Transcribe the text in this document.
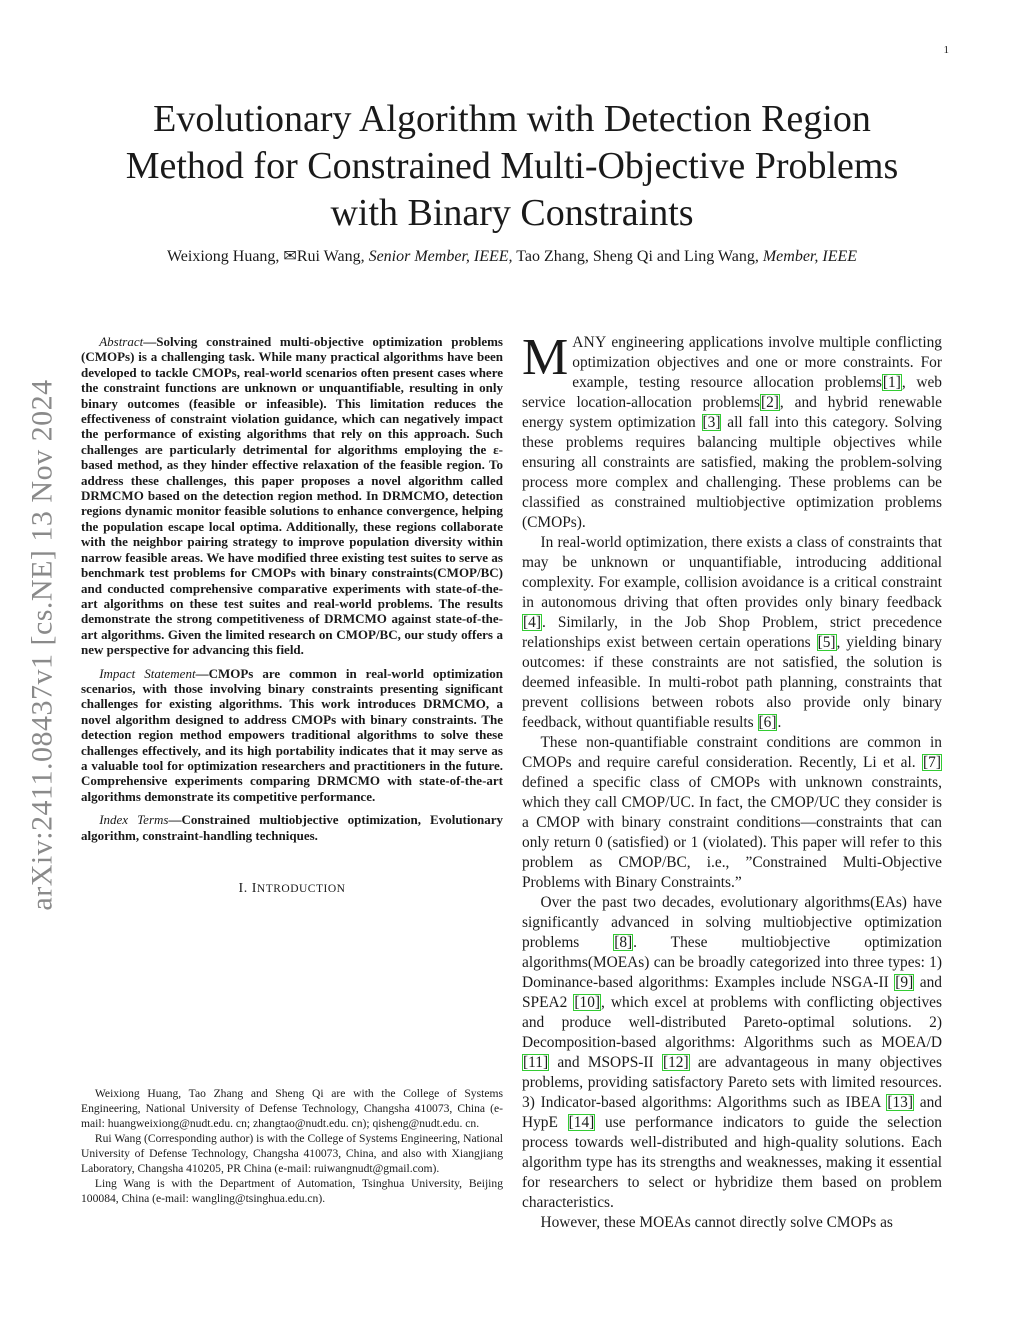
1
arXiv:2411.08437v1 [cs.NE] 13 Nov 2024
Evolutionary Algorithm with Detection Region
Method for Constrained Multi-Objective Problems
with Binary Constraints
Weixiong Huang, ✉Rui Wang, Senior Member, IEEE, Tao Zhang, Sheng Qi and Ling Wang, Member, IEEE

Abstract—Solving constrained multi-objective optimization problems (CMOPs) is a challenging task. While many practical algorithms have been developed to tackle CMOPs, real-world scenarios often present cases where the constraint functions are unknown or unquantifiable, resulting in only binary outcomes (feasible or infeasible). This limitation reduces the effectiveness of constraint violation guidance, which can negatively impact the performance of existing algorithms that rely on this approach. Such challenges are particularly detrimental for algorithms employing the ε-based method, as they hinder effective relaxation of the feasible region. To address these challenges, this paper proposes a novel algorithm called DRMCMO based on the detection region method. In DRMCMO, detection regions dynamic monitor feasible solutions to enhance convergence, helping the population escape local optima. Additionally, these regions collaborate with the neighbor pairing strategy to improve population diversity within narrow feasible areas. We have modified three existing test suites to serve as benchmark test problems for CMOPs with binary constraints(CMOP/BC) and conducted comprehensive comparative experiments with state-of-the-art algorithms on these test suites and real-world problems. The results demonstrate the strong competitiveness of DRMCMO against state-of-the-art algorithms. Given the limited research on CMOP/BC, our study offers a new perspective for advancing this field.

Impact Statement—CMOPs are common in real-world optimization scenarios, with those involving binary constraints presenting significant challenges for existing algorithms. This work introduces DRMCMO, a novel algorithm designed to address CMOPs with binary constraints. The detection region method empowers traditional algorithms to solve these challenges effectively, and its high portability indicates that it may serve as a valuable tool for optimization researchers and practitioners in the future. Comprehensive experiments comparing DRMCMO with state-of-the-art algorithms demonstrate its competitive performance.

Index Terms—Constrained multiobjective optimization, Evolutionary algorithm, constraint-handling techniques.

I. INTRODUCTION

Weixiong Huang, Tao Zhang and Sheng Qi are with the College of Systems Engineering, National University of Defense Technology, Changsha 410073, China (e-mail: huangweixiong@nudt.edu. cn; zhangtao@nudt.edu. cn); qisheng@nudt.edu. cn.

Rui Wang (Corresponding author) is with the College of Systems Engineering, National University of Defense Technology, Changsha 410073, China, and also with Xiangjiang Laboratory, Changsha 410205, PR China (e-mail: ruiwangnudt@gmail.com).

Ling Wang is with the Department of Automation, Tsinghua University, Beijing 100084, China (e-mail: wangling@tsinghua.edu.cn).

MANY engineering applications involve multiple conflicting optimization objectives and one or more constraints. For example, testing resource allocation problems[1], web service location-allocation problems[2], and hybrid renewable energy system optimization [3] all fall into this category. Solving these problems requires balancing multiple objectives while ensuring all constraints are satisfied, making the problem-solving process more complex and challenging. These problems can be classified as constrained multiobjective optimization problems (CMOPs).

In real-world optimization, there exists a class of constraints that may be unknown or unquantifiable, introducing additional complexity. For example, collision avoidance is a critical constraint in autonomous driving that often provides only binary feedback [4]. Similarly, in the Job Shop Problem, strict precedence relationships exist between certain operations [5], yielding binary outcomes: if these constraints are not satisfied, the solution is deemed infeasible. In multi-robot path planning, constraints that prevent collisions between robots also provide only binary feedback, without quantifiable results [6].

These non-quantifiable constraint conditions are common in CMOPs and require careful consideration. Recently, Li et al. [7] defined a specific class of CMOPs with unknown constraints, which they call CMOP/UC. In fact, the CMOP/UC they consider is a CMOP with binary constraint conditions—constraints that can only return 0 (satisfied) or 1 (violated). This paper will refer to this problem as CMOP/BC, i.e., ”Constrained Multi-Objective Problems with Binary Constraints.”

Over the past two decades, evolutionary algorithms(EAs) have significantly advanced in solving multiobjective optimization problems [8]. These multiobjective optimization algorithms(MOEAs) can be broadly categorized into three types: 1) Dominance-based algorithms: Examples include NSGA-II [9] and SPEA2 [10], which excel at problems with conflicting objectives and produce well-distributed Pareto-optimal solutions. 2) Decomposition-based algorithms: Algorithms such as MOEA/D [11] and MSOPS-II [12] are advantageous in many objectives problems, providing satisfactory Pareto sets with limited resources. 3) Indicator-based algorithms: Algorithms such as IBEA [13] and HypE [14] use performance indicators to guide the selection process towards well-distributed and high-quality solutions. Each algorithm type has its strengths and weaknesses, making it essential for researchers to select or hybridize them based on problem characteristics.

However, these MOEAs cannot directly solve CMOPs as
